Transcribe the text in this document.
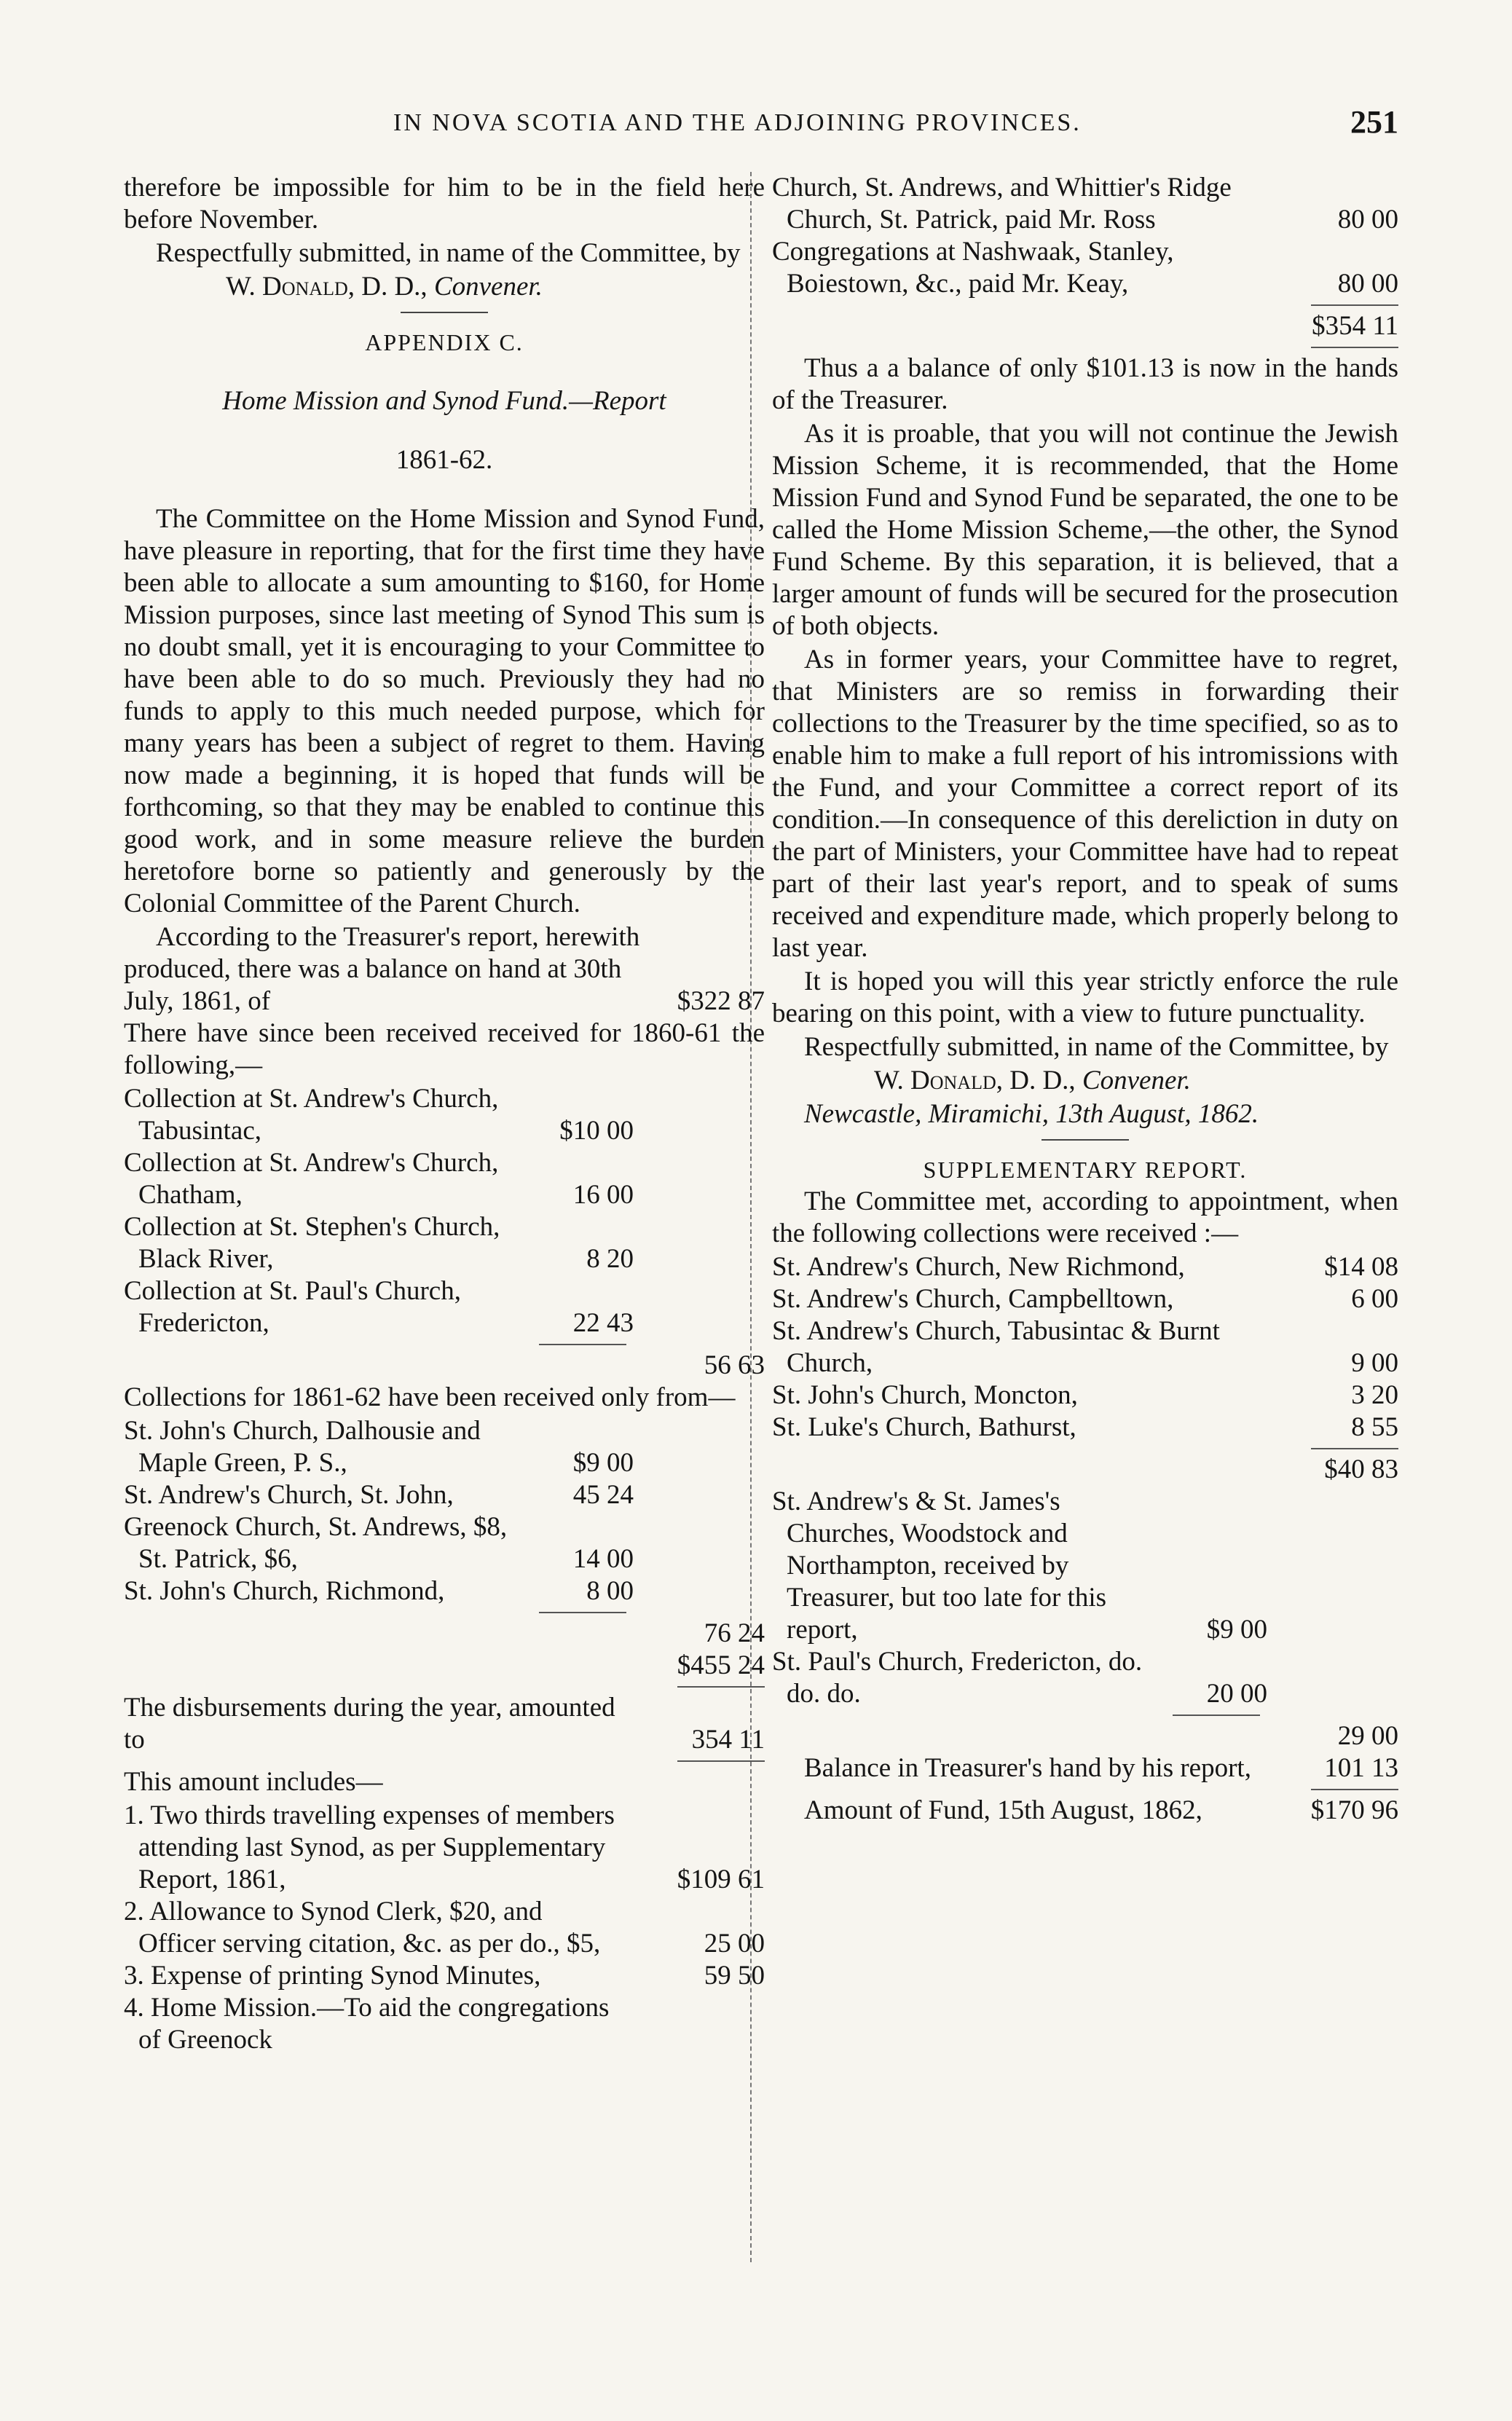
IN NOVA SCOTIA AND THE ADJOINING PROVINCES.	251

therefore be impossible for him to be in the field here before November.

Respectfully submitted, in name of the Committee, by

W. Donald, D. D., Convener.

APPENDIX C.

Home Mission and Synod Fund.—Report

1861-62.

The Committee on the Home Mission and Synod Fund, have pleasure in reporting, that for the first time they have been able to allocate a sum amounting to $160, for Home Mission purposes, since last meeting of Synod This sum is no doubt small, yet it is encouraging to your Committee to have been able to do so much. Previously they had no funds to apply to this much needed purpose, which for many years has been a subject of regret to them. Having now made a beginning, it is hoped that funds will be forthcoming, so that they may be enabled to continue this good work, and in some measure relieve the burden heretofore borne so patiently and generously by the Colonial Committee of the Parent Church.

According to the Treasurer's report, herewith produced, there was a balance on hand at 30th July, 1861, of	$322 87

There have since been received received for 1860-61 the following,—

Collection at St. Andrew's Church, Tabusintac,	$10 00
Collection at St. Andrew's Church, Chatham,	16 00
Collection at St. Stephen's Church, Black River,	8 20
Collection at St. Paul's Church, Fredericton,	22 43
56 63

Collections for 1861-62 have been received only from—

St. John's Church, Dalhousie and Maple Green, P. S.,	$9 00
St. Andrew's Church, St. John,	45 24
Greenock Church, St. Andrews, $8, St. Patrick, $6,	14 00
St. John's Church, Richmond,	8 00
76 24
$455 24
The disbursements during the year, amounted to	354 11

This amount includes—

1. Two thirds travelling expenses of members attending last Synod, as per Supplementary Report, 1861,	$109 61
2. Allowance to Synod Clerk, $20, and Officer serving citation, &c. as per do., $5,	25 00
3. Expense of printing Synod Minutes,	59 50
4. Home Mission.—To aid the congregations of Greenock
Church, St. Andrews, and Whittier's Ridge Church, St. Patrick, paid Mr. Ross	80 00
Congregations at Nashwaak, Stanley, Boiestown, &c., paid Mr. Keay,	80 00
$354 11

Thus a a balance of only $101.13 is now in the hands of the Treasurer.

As it is proable, that you will not continue the Jewish Mission Scheme, it is recommended, that the Home Mission Fund and Synod Fund be separated, the one to be called the Home Mission Scheme,—the other, the Synod Fund Scheme. By this separation, it is believed, that a larger amount of funds will be secured for the prosecution of both objects.

As in former years, your Committee have to regret, that Ministers are so remiss in forwarding their collections to the Treasurer by the time specified, so as to enable him to make a full report of his intromissions with the Fund, and your Committee a correct report of its condition.—In consequence of this dereliction in duty on the part of Ministers, your Committee have had to repeat part of their last year's report, and to speak of sums received and expenditure made, which properly belong to last year.

It is hoped you will this year strictly enforce the rule bearing on this point, with a view to future punctuality.

Respectfully submitted, in name of the Committee, by

W. Donald, D. D., Convener.

Newcastle, Miramichi, 13th August, 1862.

SUPPLEMENTARY REPORT.

The Committee met, according to appointment, when the following collections were received :—

St. Andrew's Church, New Richmond,	$14 08
St. Andrew's Church, Campbelltown,	6 00
St. Andrew's Church, Tabusintac & Burnt Church,	9 00
St. John's Church, Moncton,	3 20
St. Luke's Church, Bathurst,	8 55
$40 83
St. Andrew's & St. James's Churches, Woodstock and Northampton, received by Treasurer, but too late for this report,	$9 00
St. Paul's Church, Fredericton, do. do. do.	20 00
29 00
Balance in Treasurer's hand by his report,	101 13
Amount of Fund, 15th August, 1862,	$170 96
